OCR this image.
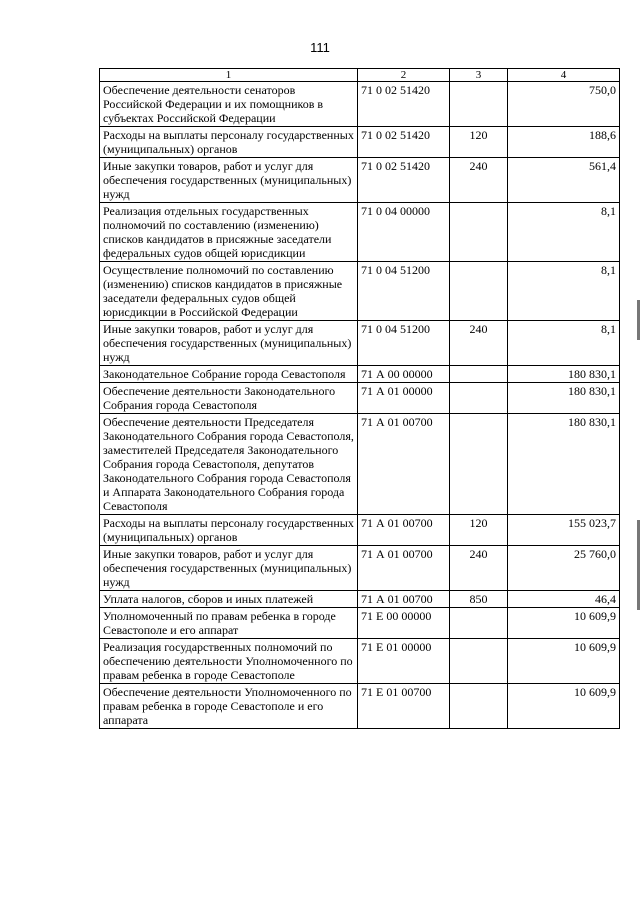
111
1	2	3	4
Обеспечение деятельности сенаторов Российской Федерации и их помощников в субъектах Российской Федерации	71 0 02 51420		750,0
Расходы на выплаты персоналу государственных (муниципальных) органов	71 0 02 51420	120	188,6
Иные закупки товаров, работ и услуг для обеспечения государственных (муниципальных) нужд	71 0 02 51420	240	561,4
Реализация отдельных государственных полномочий по составлению (изменению) списков кандидатов в присяжные заседатели федеральных судов общей юрисдикции	71 0 04 00000		8,1
Осуществление полномочий по составлению (изменению) списков кандидатов в присяжные заседатели федеральных судов общей юрисдикции в Российской Федерации	71 0 04 51200		8,1
Иные закупки товаров, работ и услуг для обеспечения государственных (муниципальных) нужд	71 0 04 51200	240	8,1
Законодательное Собрание города Севастополя	71 А 00 00000		180 830,1
Обеспечение деятельности Законодательного Собрания города Севастополя	71 А 01 00000		180 830,1
Обеспечение деятельности Председателя Законодательного Собрания города Севастополя, заместителей Председателя Законодательного Собрания города Севастополя, депутатов Законодательного Собрания города Севастополя и Аппарата Законодательного Собрания города Севастополя	71 А 01 00700		180 830,1
Расходы на выплаты персоналу государственных (муниципальных) органов	71 А 01 00700	120	155 023,7
Иные закупки товаров, работ и услуг для обеспечения государственных (муниципальных) нужд	71 А 01 00700	240	25 760,0
Уплата налогов, сборов и иных платежей	71 А 01 00700	850	46,4
Уполномоченный по правам ребенка в городе Севастополе и его аппарат	71 Е 00 00000		10 609,9
Реализация государственных полномочий по обеспечению деятельности Уполномоченного по правам ребенка в городе Севастополе	71 Е 01 00000		10 609,9
Обеспечение деятельности Уполномоченного по правам ребенка в городе Севастополе и его аппарата	71 Е 01 00700		10 609,9
